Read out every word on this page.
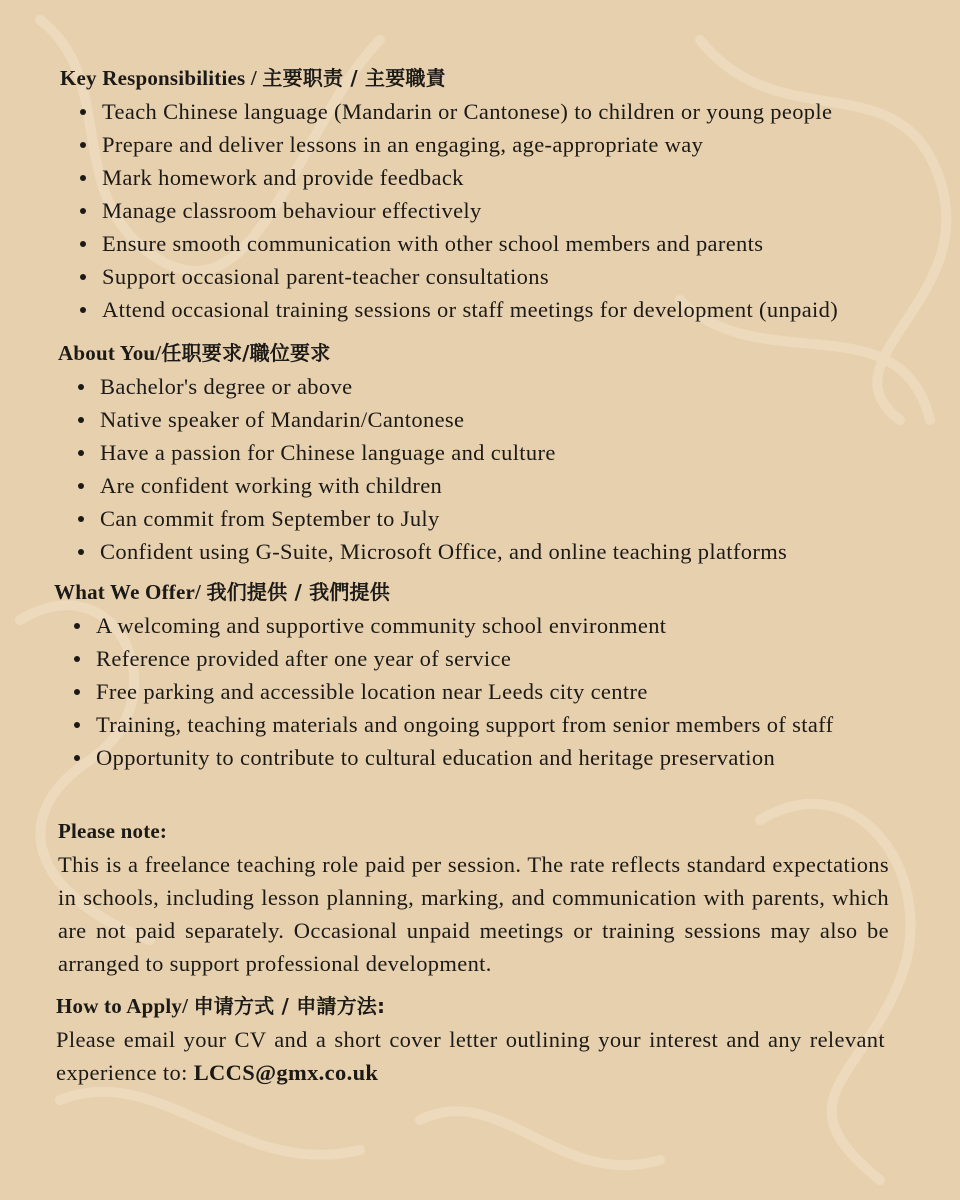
Key Responsibilities / 主要职责 / 主要職責
Teach Chinese language (Mandarin or Cantonese) to children or young people
Prepare and deliver lessons in an engaging, age-appropriate way
Mark homework and provide feedback
Manage classroom behaviour effectively
Ensure smooth communication with other school members and parents
Support occasional parent-teacher consultations
Attend occasional training sessions or staff meetings for development (unpaid)
About You/任职要求/職位要求
Bachelor's degree or above
Native speaker of Mandarin/Cantonese
Have a passion for Chinese language and culture
Are confident working with children
Can commit from September to July
Confident using G-Suite, Microsoft Office, and online teaching platforms
What We Offer/ 我们提供 / 我們提供
A welcoming and supportive community school environment
Reference provided after one year of service
Free parking and accessible location near Leeds city centre
Training, teaching materials and ongoing support from senior members of staff
Opportunity to contribute to cultural education and heritage preservation
Please note:

This is a freelance teaching role paid per session. The rate reflects standard expectations in schools, including lesson planning, marking, and communication with parents, which are not paid separately. Occasional unpaid meetings or training sessions may also be arranged to support professional development.

How to Apply/ 申请方式 / 申請方法:

Please email your CV and a short cover letter outlining your interest and any relevant experience to: LCCS@gmx.co.uk
